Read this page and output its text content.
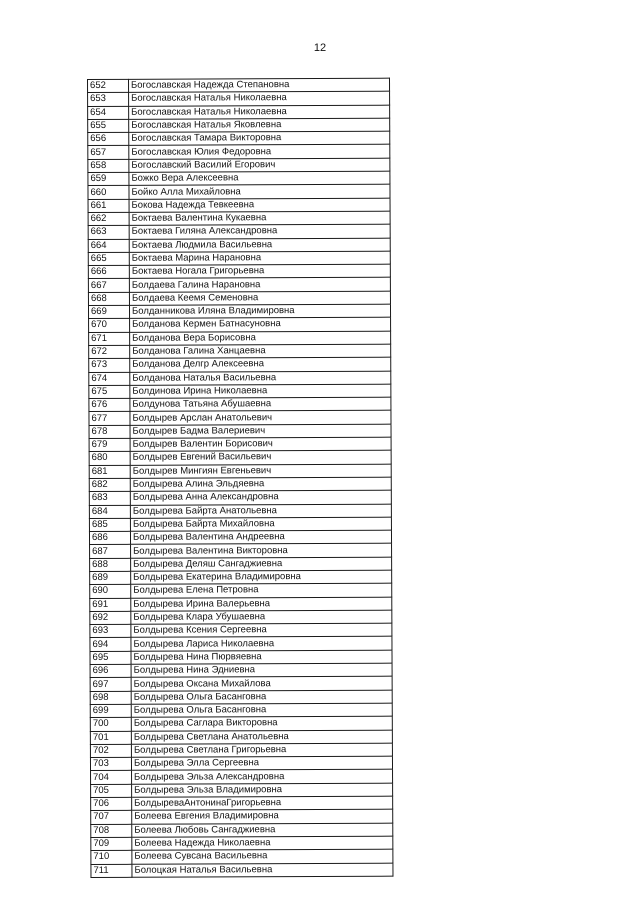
12
652	Богославская Надежда Степановна
653	Богославская Наталья Николаевна
654	Богославская Наталья Николаевна
655	Богославская Наталья Яковлевна
656	Богославская Тамара Викторовна
657	Богославская Юлия Федоровна
658	Богославский Василий Егорович
659	Божко Вера Алексеевна
660	Бойко Алла Михайловна
661	Бокова Надежда Тевкеевна
662	Боктаева Валентина Кукаевна
663	Боктаева Гиляна Александровна
664	Боктаева Людмила Васильевна
665	Боктаева Марина Нарановна
666	Боктаева Ногала Григорьевна
667	Болдаева Галина Нарановна
668	Болдаева Кеемя Семеновна
669	Болданникова Иляна Владимировна
670	Болданова Кермен Батнасуновна
671	Болданова Вера Борисовна
672	Болданова Галина Ханцаевна
673	Болданова Делгр Алексеевна
674	Болданова Наталья Васильевна
675	Болдинова Ирина Николаевна
676	Болдунова Татьяна Абушаевна
677	Болдырев Арслан Анатольевич
678	Болдырев Бадма Валериевич
679	Болдырев Валентин Борисович
680	Болдырев Евгений Васильевич
681	Болдырев Мингиян Евгеньевич
682	Болдырева Алина Эльдяевна
683	Болдырева Анна Александровна
684	Болдырева Байрта Анатольевна
685	Болдырева Байрта Михайловна
686	Болдырева Валентина Андреевна
687	Болдырева Валентина Викторовна
688	Болдырева Деляш Сангаджиевна
689	Болдырева Екатерина Владимировна
690	Болдырева Елена Петровна
691	Болдырева Ирина Валерьевна
692	Болдырева Клара Убушаевна
693	Болдырева Ксения Сергеевна
694	Болдырева Лариса Николаевна
695	Болдырева Нина Пюрвяевна
696	Болдырева Нина Эдниевна
697	Болдырева Оксана Михайлова
698	Болдырева Ольга Басанговна
699	Болдырева Ольга Басанговна
700	Болдырева Саглара Викторовна
701	Болдырева Светлана Анатольевна
702	Болдырева Светлана Григорьевна
703	Болдырева Элла Сергеевна
704	Болдырева Эльза Александровна
705	Болдырева Эльза Владимировна
706	БолдыреваАнтонинаГригорьевна
707	Болеева Евгения Владимировна
708	Болеева Любовь Сангаджиевна
709	Болеева Надежда Николаевна
710	Болеева Сувсана Васильевна
711	Болоцкая Наталья Васильевна
